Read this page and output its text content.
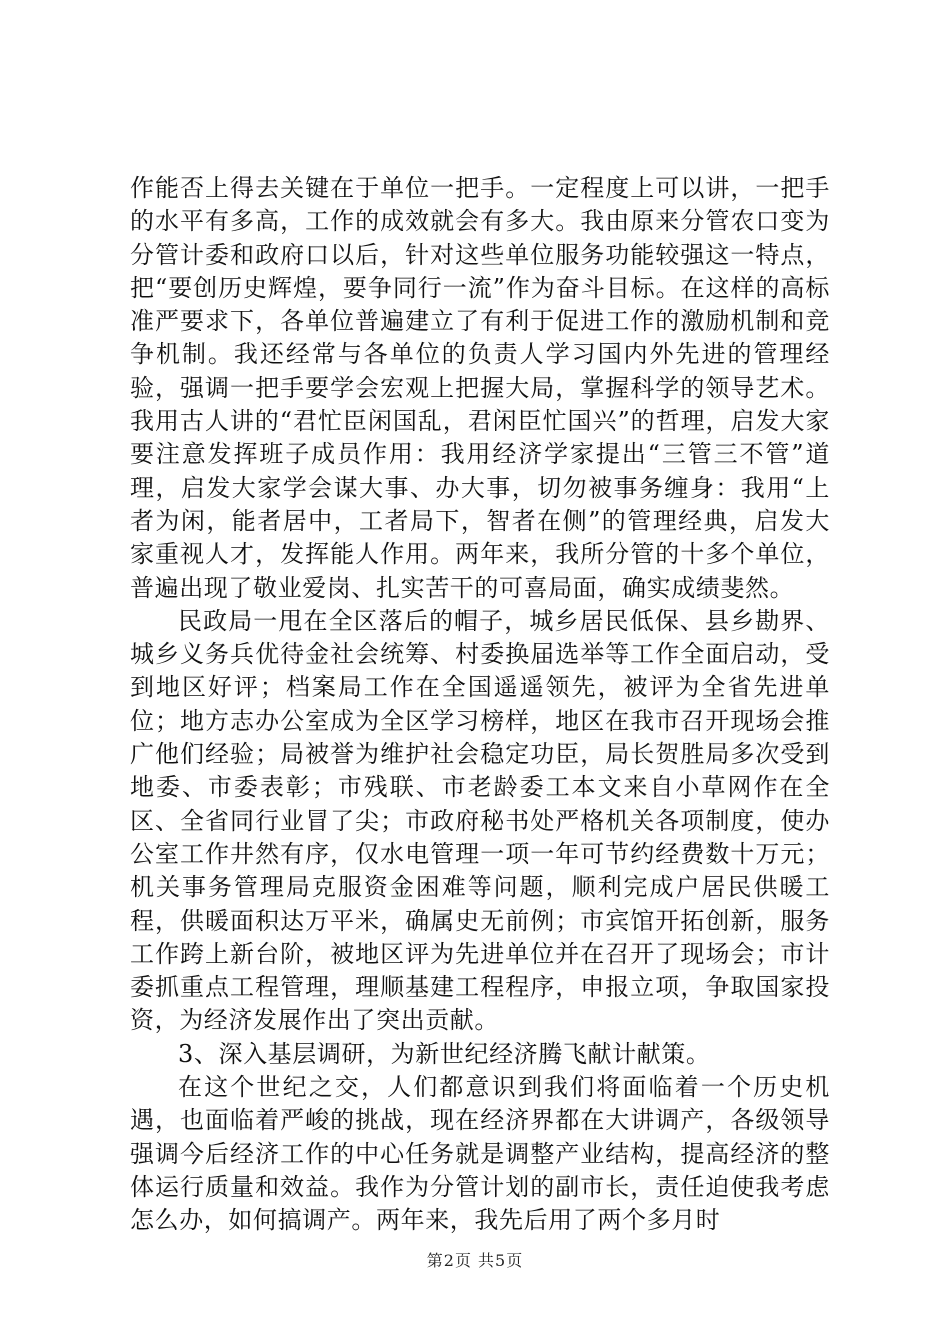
作能否上得去关键在于单位一把手。一定程度上可以讲，一把手的水平有多高，工作的成效就会有多大。我由原来分管农口变为分管计委和政府口以后，针对这些单位服务功能较强这一特点，把“要创历史辉煌，要争同行一流”作为奋斗目标。在这样的高标准严要求下，各单位普遍建立了有利于促进工作的激励机制和竞争机制。我还经常与各单位的负责人学习国内外先进的管理经验，强调一把手要学会宏观上把握大局，掌握科学的领导艺术。我用古人讲的“君忙臣闲国乱，君闲臣忙国兴”的哲理，启发大家要注意发挥班子成员作用：我用经济学家提出“三管三不管”道理，启发大家学会谋大事、办大事，切勿被事务缠身：我用“上者为闲，能者居中，工者局下，智者在侧”的管理经典，启发大家重视人才，发挥能人作用。两年来，我所分管的十多个单位，普遍出现了敬业爱岗、扎实苦干的可喜局面，确实成绩斐然。

民政局一甩在全区落后的帽子，城乡居民低保、县乡勘界、城乡义务兵优待金社会统筹、村委换届选举等工作全面启动，受到地区好评；档案局工作在全国遥遥领先，被评为全省先进单位；地方志办公室成为全区学习榜样，地区在我市召开现场会推广他们经验；局被誉为维护社会稳定功臣，局长贺胜局多次受到地委、市委表彰；市残联、市老龄委工本文来自小草网作在全区、全省同行业冒了尖；市政府秘书处严格机关各项制度，使办公室工作井然有序，仅水电管理一项一年可节约经费数十万元；机关事务管理局克服资金困难等问题，顺利完成户居民供暖工程，供暖面积达万平米，确属史无前例；市宾馆开拓创新，服务工作跨上新台阶，被地区评为先进单位并在召开了现场会；市计委抓重点工程管理，理顺基建工程程序，申报立项，争取国家投资，为经济发展作出了突出贡献。

3、深入基层调研，为新世纪经济腾飞献计献策。

在这个世纪之交，人们都意识到我们将面临着一个历史机遇，也面临着严峻的挑战，现在经济界都在大讲调产，各级领导强调今后经济工作的中心任务就是调整产业结构，提高经济的整体运行质量和效益。我作为分管计划的副市长，责任迫使我考虑怎么办，如何搞调产。两年来，我先后用了两个多月时

第2页 共5页
